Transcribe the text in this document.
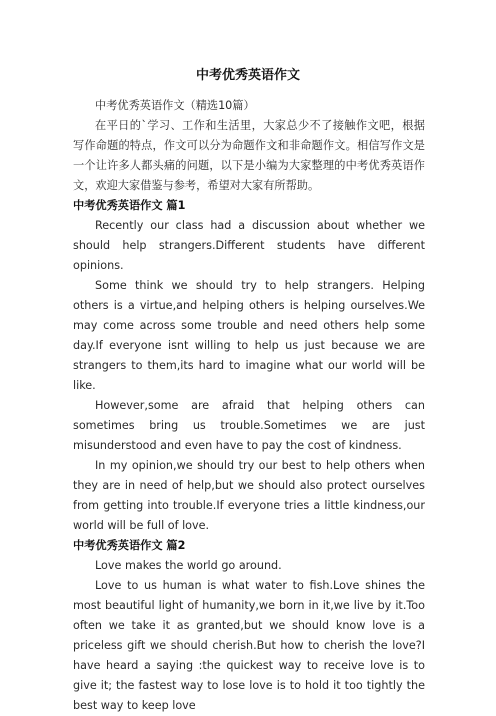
中考优秀英语作文

中考优秀英语作文（精选10篇）

在平日的`学习、工作和生活里，大家总少不了接触作文吧，根据写作命题的特点，作文可以分为命题作文和非命题作文。相信写作文是一个让许多人都头痛的问题，以下是小编为大家整理的中考优秀英语作文，欢迎大家借鉴与参考，希望对大家有所帮助。

中考优秀英语作文 篇1

Recently our class had a discussion about whether we should help strangers.Different students have different opinions.

Some think we should try to help strangers. Helping others is a virtue,and helping others is helping ourselves.We may come across some trouble and need others help some day.If everyone isnt willing to help us just because we are strangers to them,its hard to imagine what our world will be like.

However,some are afraid that helping others can sometimes bring us trouble.Sometimes we are just misunderstood and even have to pay the cost of kindness.

In my opinion,we should try our best to help others when they are in need of help,but we should also protect ourselves from getting into trouble.If everyone tries a little kindness,our world will be full of love.

中考优秀英语作文 篇2

Love makes the world go around.

Love to us human is what water to fish.Love shines the most beautiful light of humanity,we born in it,we live by it.Too often we take it as granted,but we should know love is a priceless gift we should cherish.But how to cherish the love?I have heard a saying :the quickest way to receive love is to give it; the fastest way to lose love is to hold it too tightly the best way to keep love
